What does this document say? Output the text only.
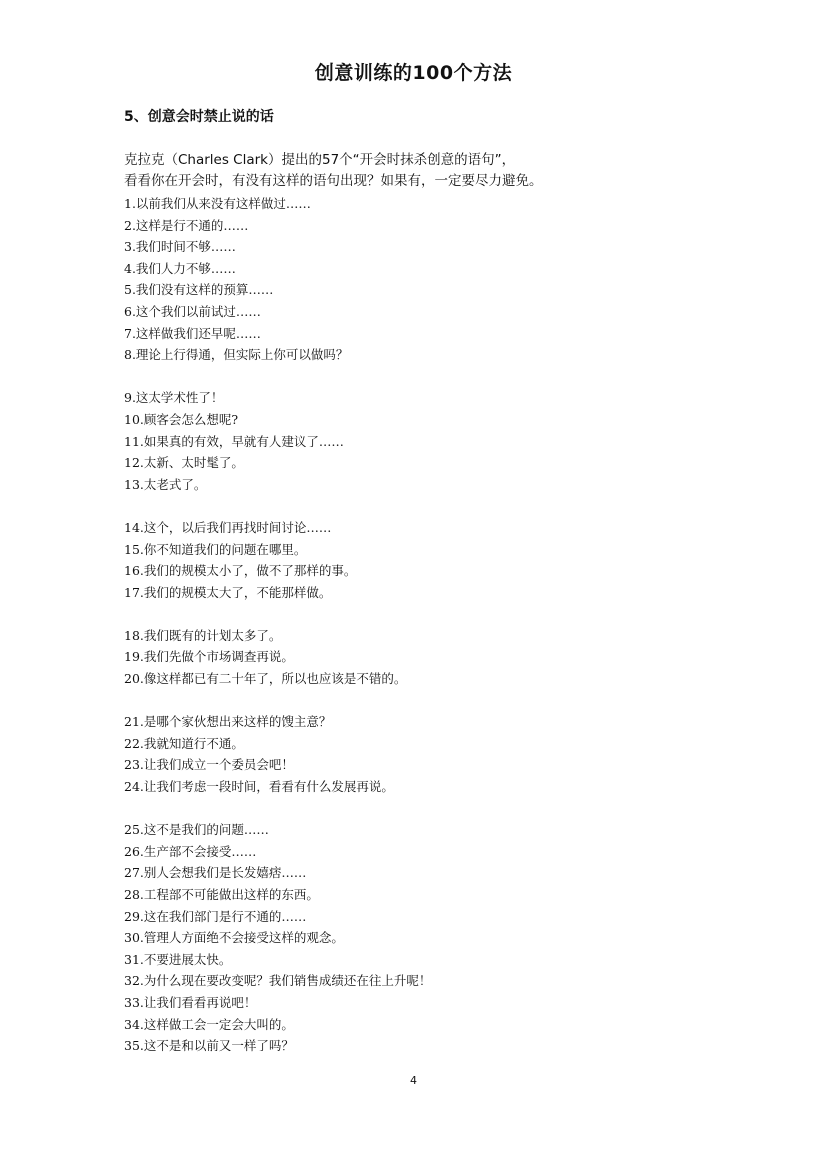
创意训练的100个方法
5、创意会时禁止说的话
克拉克（Charles Clark）提出的57个“开会时抹杀创意的语句”，
看看你在开会时，有没有这样的语句出现？如果有，一定要尽力避免。
1.以前我们从来没有这样做过……
2.这样是行不通的……
3.我们时间不够……
4.我们人力不够……
5.我们没有这样的预算……
6.这个我们以前试过……
7.这样做我们还早呢……
8.理论上行得通，但实际上你可以做吗？
9.这太学术性了！
10.顾客会怎么想呢?
11.如果真的有效，早就有人建议了……
12.太新、太时髦了。
13.太老式了。
14.这个，以后我们再找时间讨论……
15.你不知道我们的问题在哪里。
16.我们的规模太小了，做不了那样的事。
17.我们的规模太大了，不能那样做。
18.我们既有的计划太多了。
19.我们先做个市场调查再说。
20.像这样都已有二十年了，所以也应该是不错的。
21.是哪个家伙想出来这样的馊主意？
22.我就知道行不通。
23.让我们成立一个委员会吧！
24.让我们考虑一段时间，看看有什么发展再说。
25.这不是我们的问题……
26.生产部不会接受……
27.别人会想我们是长发嬉痞……
28.工程部不可能做出这样的东西。
29.这在我们部门是行不通的……
30.管理人方面绝不会接受这样的观念。
31.不要进展太快。
32.为什么现在要改变呢？我们销售成绩还在往上升呢！
33.让我们看看再说吧！
34.这样做工会一定会大叫的。
35.这不是和以前又一样了吗？
4
